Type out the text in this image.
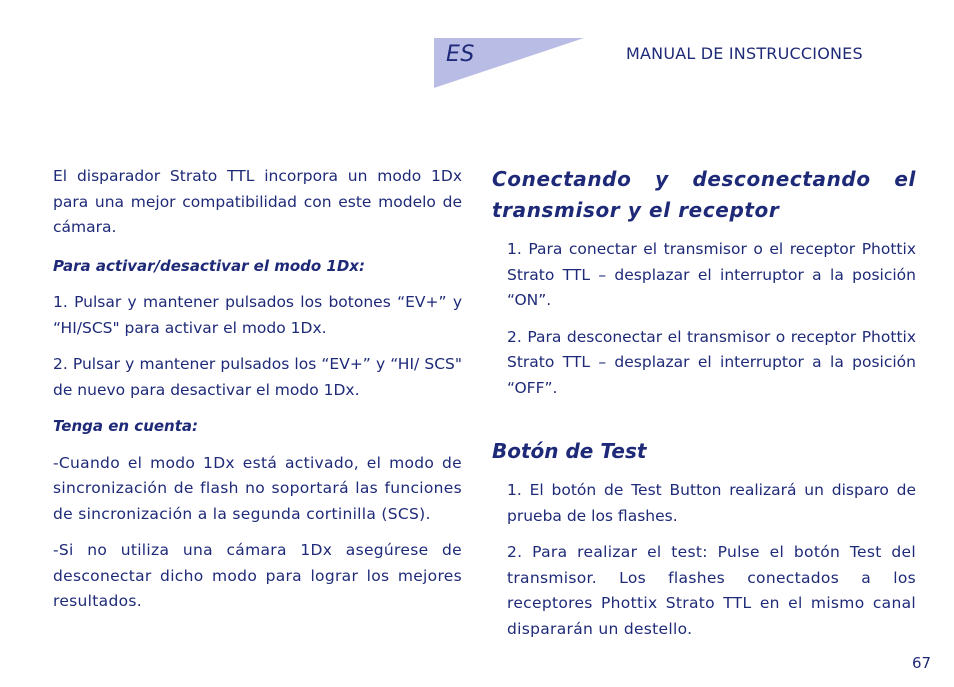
ES	MANUAL DE INSTRUCCIONES

El disparador Strato TTL incorpora un modo 1Dx para una mejor compatibilidad con este modelo de cámara.

Para activar/desactivar el modo 1Dx:

1. Pulsar y mantener pulsados los botones “EV+” y “HI/SCS" para activar el modo 1Dx.

2. Pulsar y mantener pulsados los “EV+” y “HI/ SCS" de nuevo para desactivar el modo 1Dx.

Tenga en cuenta:

-Cuando el modo 1Dx está activado, el modo de sincronización de flash no soportará las funciones de sincronización a la segunda cortinilla (SCS).

-Si no utiliza una cámara 1Dx asegúrese de desconectar dicho modo para lograr los mejores resultados.

Conectando y desconectando el transmisor y el receptor

1. Para conectar el transmisor o el receptor Phottix Strato TTL – desplazar el interruptor a la posición “ON”.

2. Para desconectar el transmisor o receptor Phottix Strato TTL – desplazar el interruptor a la posición “OFF”.

Botón de Test

1. El botón de Test Button realizará un disparo de prueba de los flashes.

2. Para realizar el test: Pulse el botón Test del transmisor. Los flashes conectados a los receptores Phottix Strato TTL en el mismo canal dispararán un destello.

67
